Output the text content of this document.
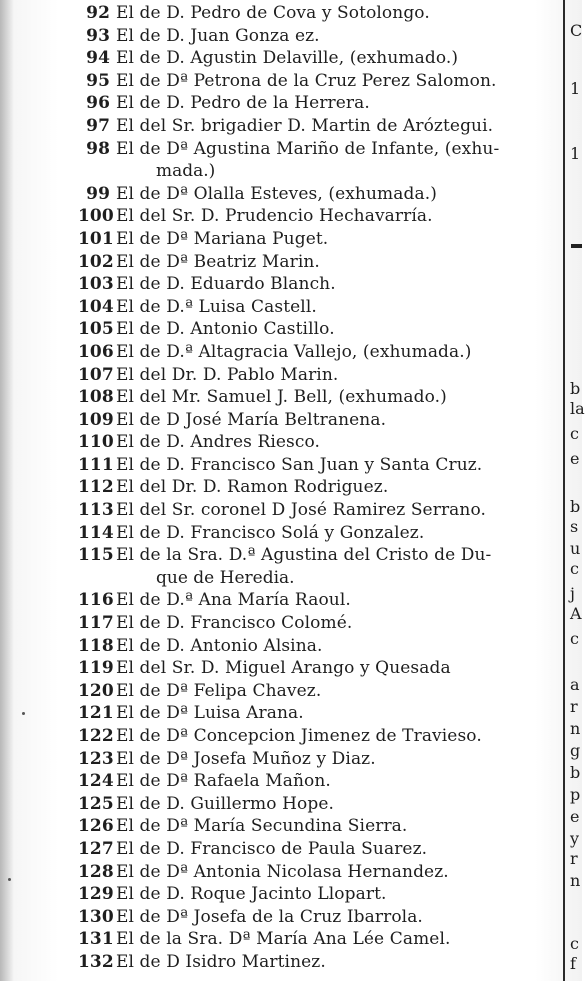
92 El de D. Pedro de Cova y Sotolongo.
93 El de D. Juan Gonza ez.
94 El de D. Agustin Delaville, (exhumado.)
95 El de Dª Petrona de la Cruz Perez Salomon.
96 El de D. Pedro de la Herrera.
97 El del Sr. brigadier D. Martin de Aróztegui.
98 El de Dª Agustina Mariño de Infante, (exhu-
mada.)
99 El de Dª Olalla Esteves, (exhumada.)
100 El del Sr. D. Prudencio Hechavarría.
101 El de Dª Mariana Puget.
102 El de Dª Beatriz Marin.
103 El de D. Eduardo Blanch.
104 El de D.ª Luisa Castell.
105 El de D. Antonio Castillo.
106 El de D.ª Altagracia Vallejo, (exhumada.)
107 El del Dr. D. Pablo Marin.
108 El del Mr. Samuel J. Bell, (exhumado.)
109 El de D José María Beltranena.
110 El de D. Andres Riesco.
111 El de D. Francisco San Juan y Santa Cruz.
112 El del Dr. D. Ramon Rodriguez.
113 El del Sr. coronel D José Ramirez Serrano.
114 El de D. Francisco Solá y Gonzalez.
115 El de la Sra. D.ª Agustina del Cristo de Du-
que de Heredia.
116 El de D.ª Ana María Raoul.
117 El de D. Francisco Colomé.
118 El de D. Antonio Alsina.
119 El del Sr. D. Miguel Arango y Quesada
120 El de Dª Felipa Chavez.
121 El de Dª Luisa Arana.
122 El de Dª Concepcion Jimenez de Travieso.
123 El de Dª Josefa Muñoz y Diaz.
124 El de Dª Rafaela Mañon.
125 El de D. Guillermo Hope.
126 El de Dª María Secundina Sierra.
127 El de D. Francisco de Paula Suarez.
128 El de Dª Antonia Nicolasa Hernandez.
129 El de D. Roque Jacinto Llopart.
130 El de Dª Josefa de la Cruz Ibarrola.
131 El de la Sra. Dª María Ana Lée Camel.
132 El de D Isidro Martinez.
C
1
1
b
la
c
e
b
s
u
c
j
A
c
a
r
n
g
b
p
e
y
r
n
c
f
